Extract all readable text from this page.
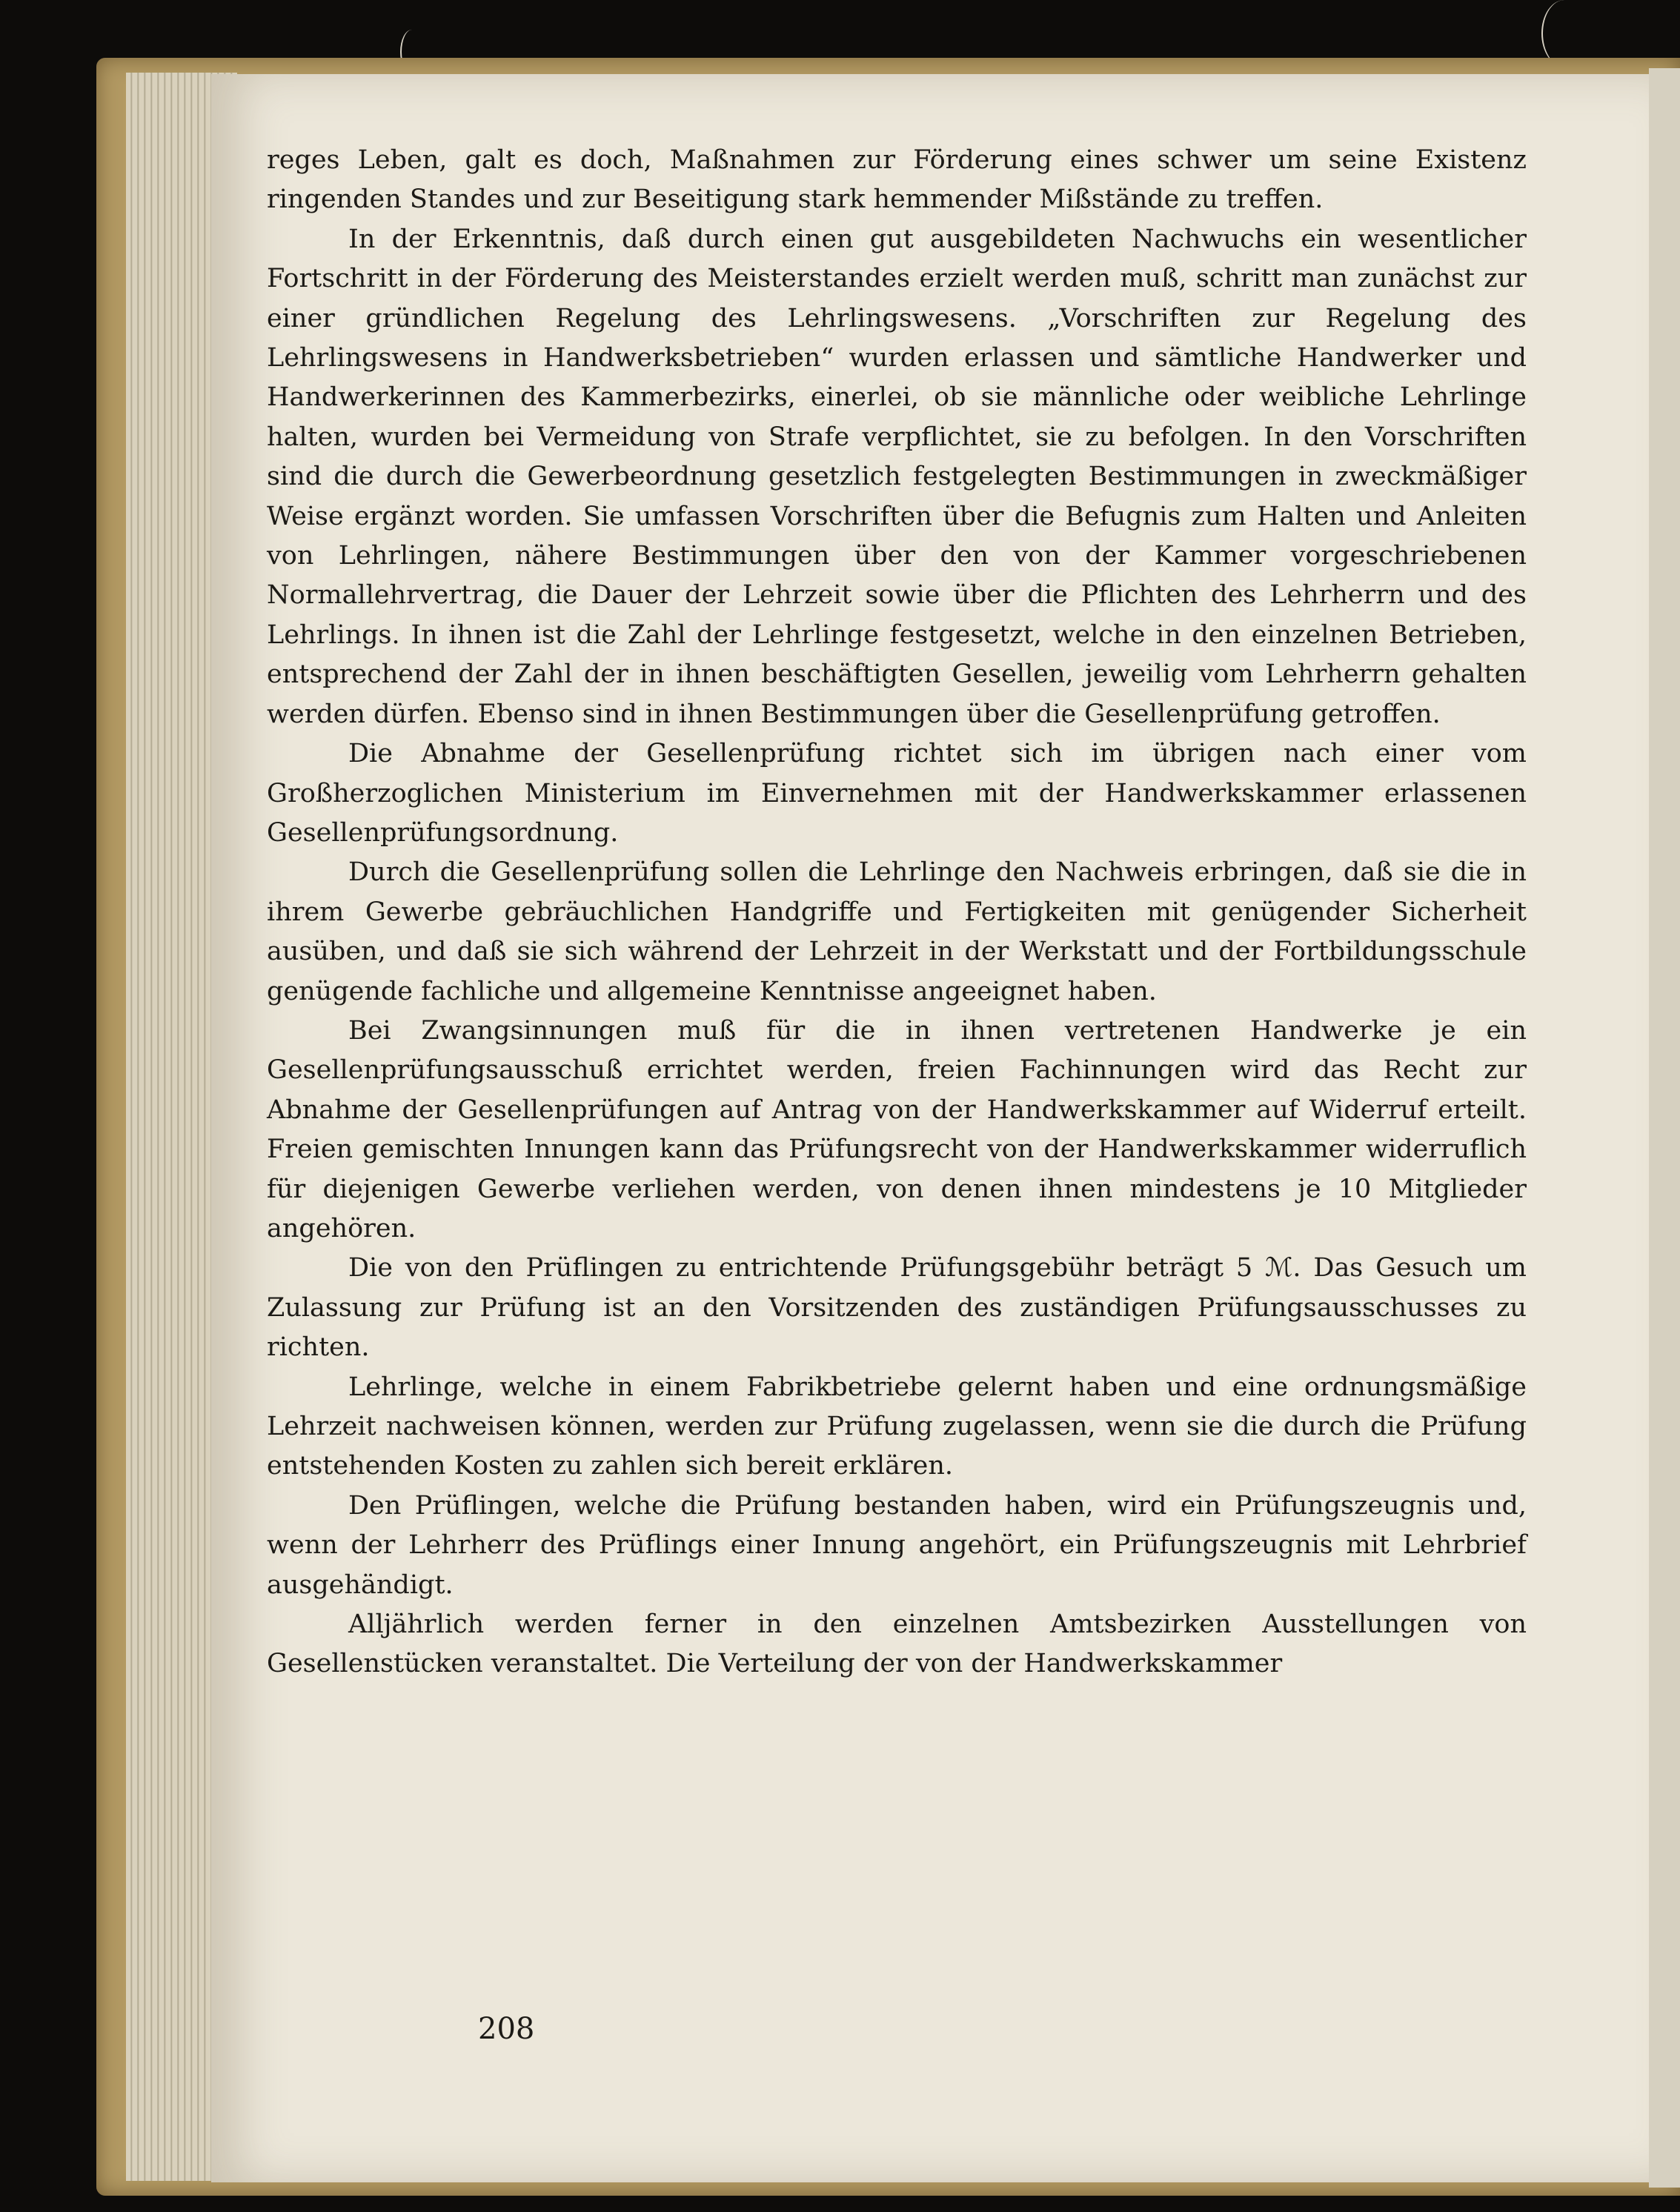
reges Leben, galt es doch, Maßnahmen zur Förderung eines schwer um seine Existenz ringenden Standes und zur Beseitigung stark hemmender Mißstände zu treffen.

In der Erkenntnis, daß durch einen gut ausgebildeten Nachwuchs ein wesentlicher Fortschritt in der Förderung des Meisterstandes erzielt werden muß, schritt man zunächst zur einer gründlichen Regelung des Lehrlingswesens. „Vorschriften zur Regelung des Lehrlingswesens in Handwerksbetrieben“ wurden erlassen und sämtliche Handwerker und Handwerkerinnen des Kammerbezirks, einerlei, ob sie männliche oder weibliche Lehrlinge halten, wurden bei Vermeidung von Strafe verpflichtet, sie zu befolgen. In den Vorschriften sind die durch die Gewerbeordnung gesetzlich festgelegten Bestimmungen in zweckmäßiger Weise ergänzt worden. Sie umfassen Vorschriften über die Befugnis zum Halten und Anleiten von Lehrlingen, nähere Bestimmungen über den von der Kammer vorgeschriebenen Normallehrvertrag, die Dauer der Lehrzeit sowie über die Pflichten des Lehrherrn und des Lehrlings. In ihnen ist die Zahl der Lehrlinge festgesetzt, welche in den einzelnen Betrieben, entsprechend der Zahl der in ihnen beschäftigten Gesellen, jeweilig vom Lehrherrn gehalten werden dürfen. Ebenso sind in ihnen Bestimmungen über die Gesellenprüfung getroffen.

Die Abnahme der Gesellenprüfung richtet sich im übrigen nach einer vom Großherzoglichen Ministerium im Einvernehmen mit der Handwerkskammer erlassenen Gesellenprüfungsordnung.

Durch die Gesellenprüfung sollen die Lehrlinge den Nachweis erbringen, daß sie die in ihrem Gewerbe gebräuchlichen Handgriffe und Fertigkeiten mit genügender Sicherheit ausüben, und daß sie sich während der Lehrzeit in der Werkstatt und der Fortbildungsschule genügende fachliche und allgemeine Kenntnisse angeeignet haben.

Bei Zwangsinnungen muß für die in ihnen vertretenen Handwerke je ein Gesellenprüfungsausschuß errichtet werden, freien Fachinnungen wird das Recht zur Abnahme der Gesellenprüfungen auf Antrag von der Handwerkskammer auf Widerruf erteilt. Freien gemischten Innungen kann das Prüfungsrecht von der Handwerkskammer widerruflich für diejenigen Gewerbe verliehen werden, von denen ihnen mindestens je 10 Mitglieder angehören.

Die von den Prüflingen zu entrichtende Prüfungsgebühr beträgt 5 ℳ. Das Gesuch um Zulassung zur Prüfung ist an den Vorsitzenden des zuständigen Prüfungsausschusses zu richten.

Lehrlinge, welche in einem Fabrikbetriebe gelernt haben und eine ordnungsmäßige Lehrzeit nachweisen können, werden zur Prüfung zugelassen, wenn sie die durch die Prüfung entstehenden Kosten zu zahlen sich bereit erklären.

Den Prüflingen, welche die Prüfung bestanden haben, wird ein Prüfungszeugnis und, wenn der Lehrherr des Prüflings einer Innung angehört, ein Prüfungszeugnis mit Lehrbrief ausgehändigt.

Alljährlich werden ferner in den einzelnen Amtsbezirken Ausstellungen von Gesellenstücken veranstaltet. Die Verteilung der von der Handwerkskammer

208
